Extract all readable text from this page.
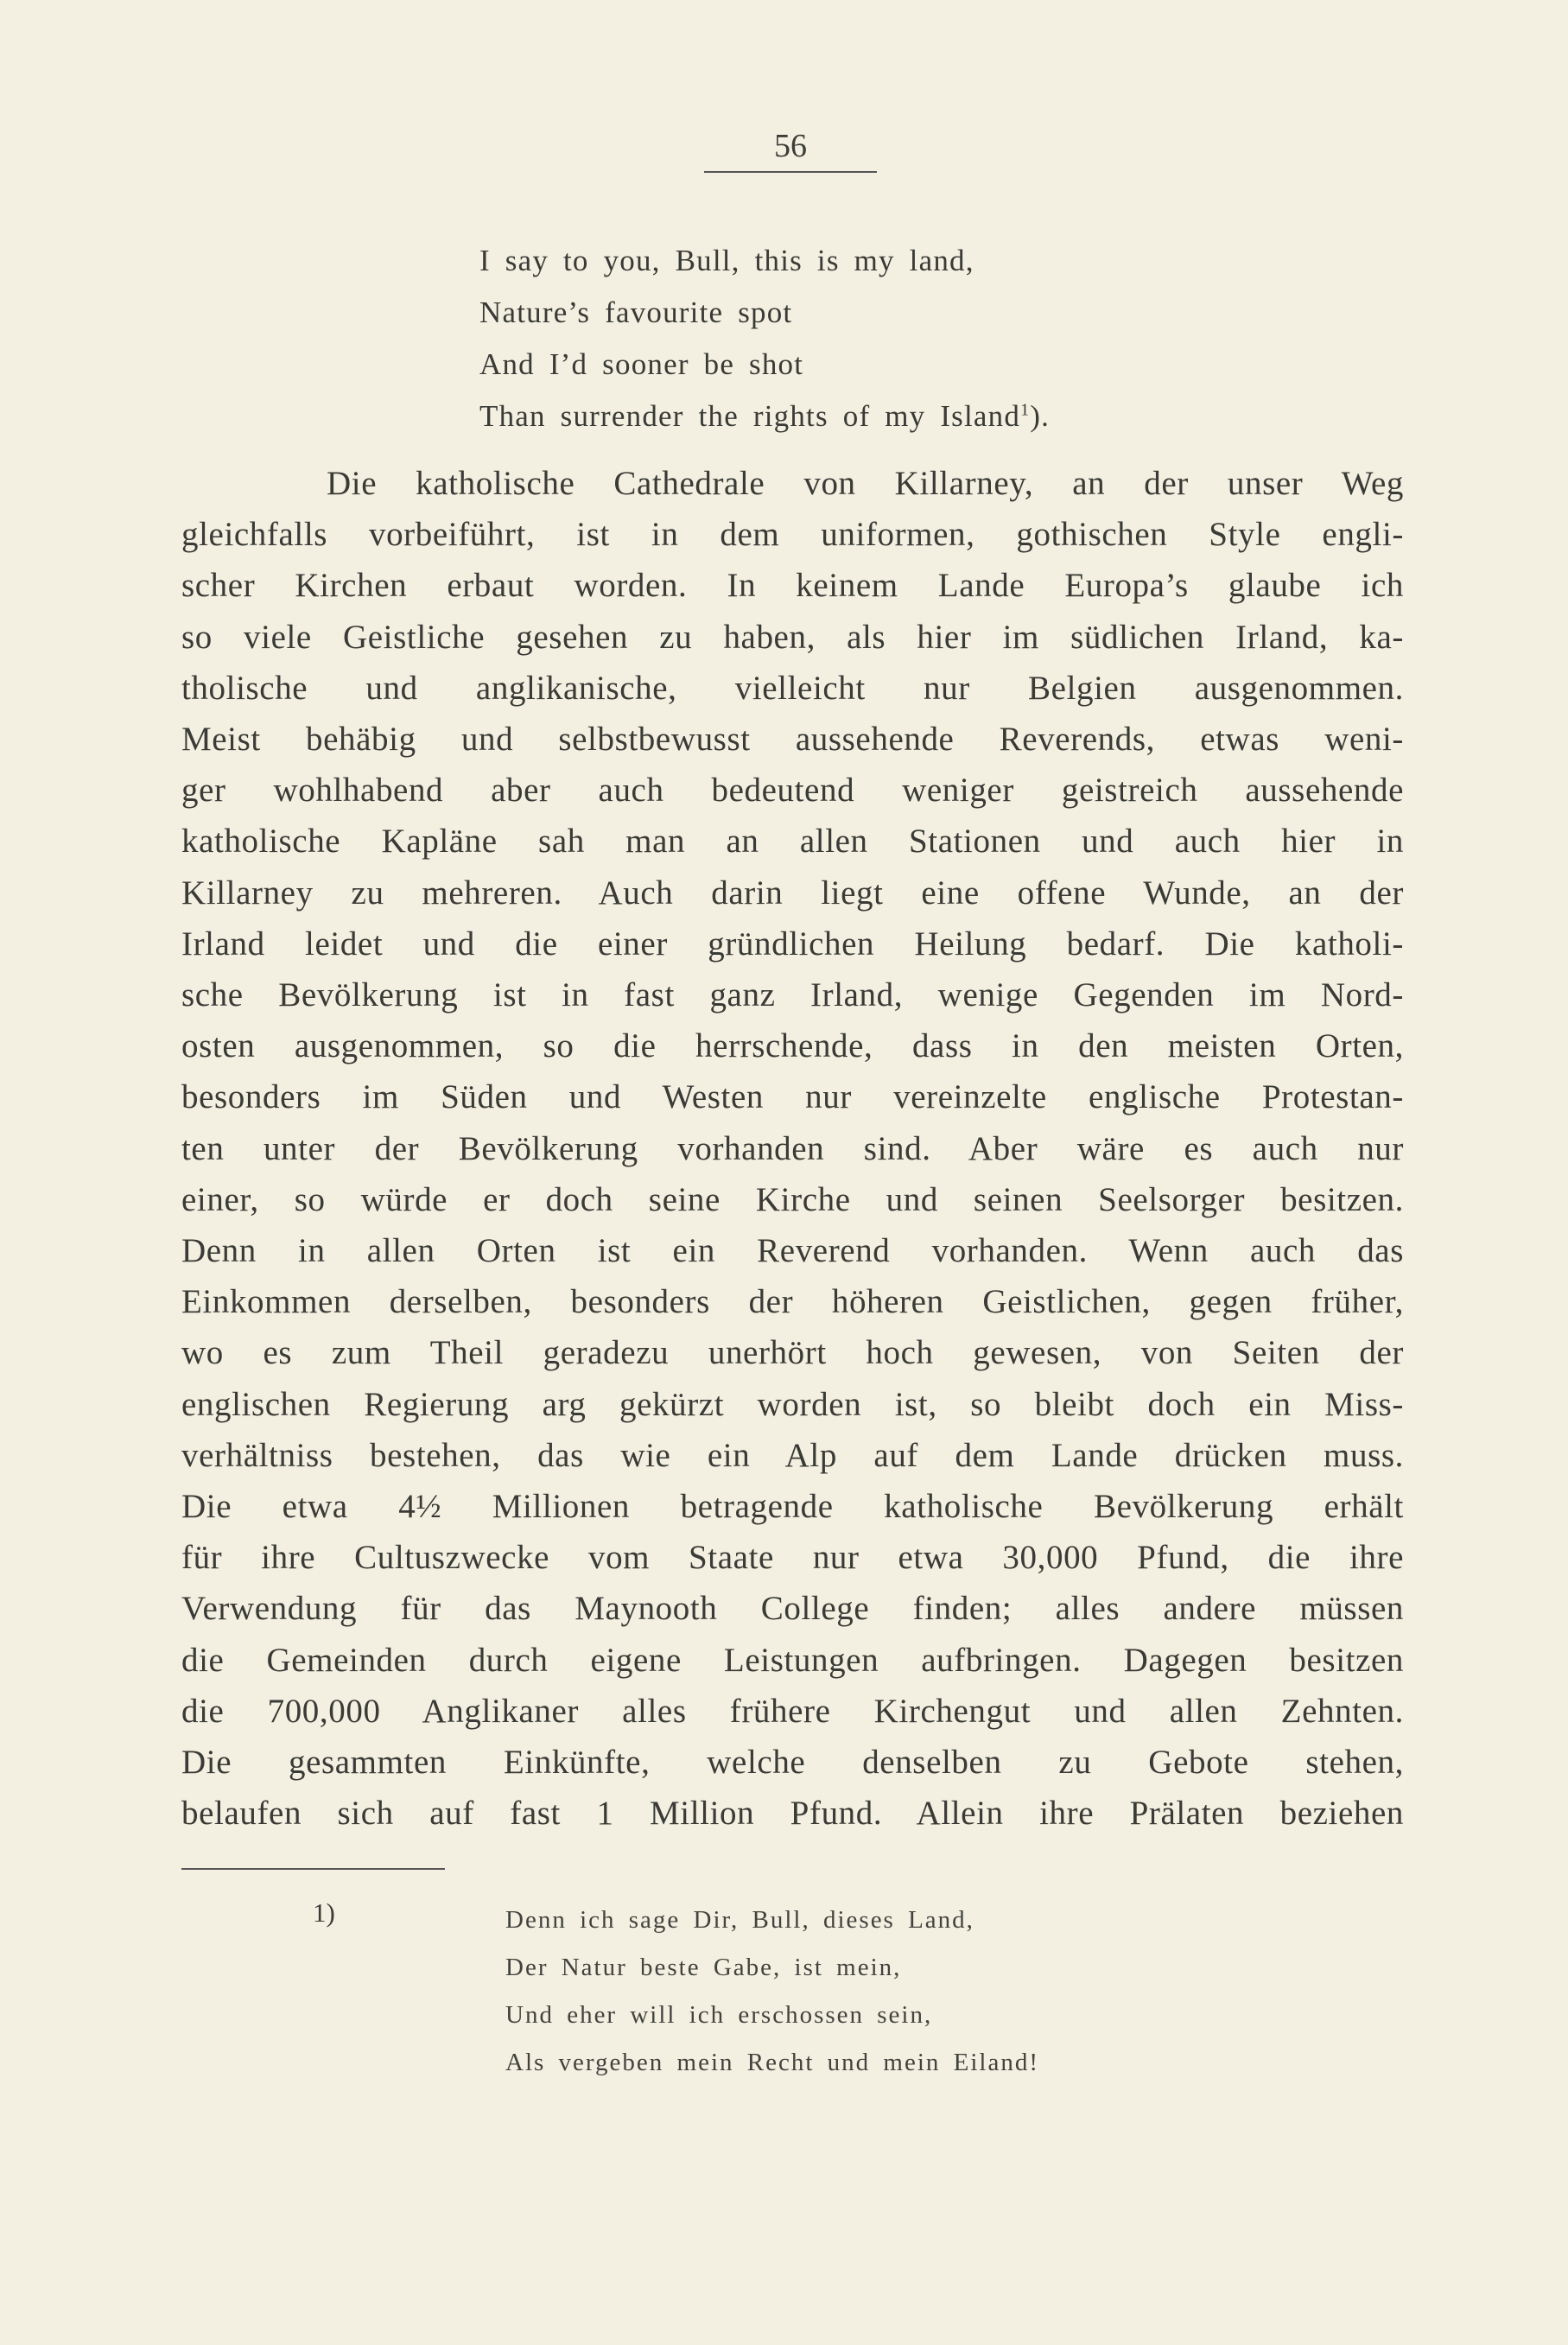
56
I say to you, Bull, this is my land,
Nature’s favourite spot
And I’d sooner be shot
Than surrender the rights of my Island$^1$).
Die katholische Cathedrale von Killarney, an der unser Weg
gleichfalls vorbeiführt, ist in dem uniformen, gothischen Style engli-
scher Kirchen erbaut worden. In keinem Lande Europa’s glaube ich
so viele Geistliche gesehen zu haben, als hier im südlichen Irland, ka-
tholische und anglikanische, vielleicht nur Belgien ausgenommen.
Meist behäbig und selbstbewusst aussehende Reverends, etwas weni-
ger wohlhabend aber auch bedeutend weniger geistreich aussehende
katholische Kapläne sah man an allen Stationen und auch hier in
Killarney zu mehreren. Auch darin liegt eine offene Wunde, an der
Irland leidet und die einer gründlichen Heilung bedarf. Die katholi-
sche Bevölkerung ist in fast ganz Irland, wenige Gegenden im Nord-
osten ausgenommen, so die herrschende, dass in den meisten Orten,
besonders im Süden und Westen nur vereinzelte englische Protestan-
ten unter der Bevölkerung vorhanden sind. Aber wäre es auch nur
einer, so würde er doch seine Kirche und seinen Seelsorger besitzen.
Denn in allen Orten ist ein Reverend vorhanden. Wenn auch das
Einkommen derselben, besonders der höheren Geistlichen, gegen früher,
wo es zum Theil geradezu unerhört hoch gewesen, von Seiten der
englischen Regierung arg gekürzt worden ist, so bleibt doch ein Miss-
verhältniss bestehen, das wie ein Alp auf dem Lande drücken muss.
Die etwa 4½ Millionen betragende katholische Bevölkerung erhält
für ihre Cultuszwecke vom Staate nur etwa 30,000 Pfund, die ihre
Verwendung für das Maynooth College finden; alles andere müssen
die Gemeinden durch eigene Leistungen aufbringen. Dagegen besitzen
die 700,000 Anglikaner alles frühere Kirchengut und allen Zehnten.
Die gesammten Einkünfte, welche denselben zu Gebote stehen,
belaufen sich auf fast 1 Million Pfund. Allein ihre Prälaten beziehen
1)	Denn ich sage Dir, Bull, dieses Land,
Der Natur beste Gabe, ist mein,
Und eher will ich erschossen sein,
Als vergeben mein Recht und mein Eiland!
